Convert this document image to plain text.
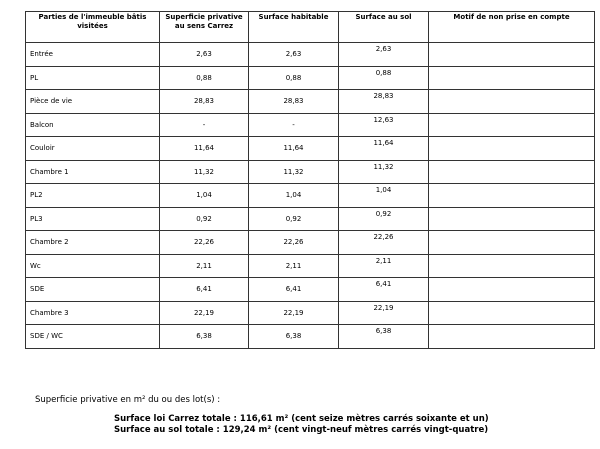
Parties de l'immeuble bâtis visitées	Superficie privative au sens Carrez	Surface habitable	Surface au sol	Motif de non prise en compte
Entrée	2,63	2,63	2,63	
PL	0,88	0,88	0,88	
Pièce de vie	28,83	28,83	28,83	
Balcon	-	-	12,63	
Couloir	11,64	11,64	11,64	
Chambre 1	11,32	11,32	11,32	
PL2	1,04	1,04	1,04	
PL3	0,92	0,92	0,92	
Chambre 2	22,26	22,26	22,26	
Wc	2,11	2,11	2,11	
SDE	6,41	6,41	6,41	
Chambre 3	22,19	22,19	22,19	
SDE / WC	6,38	6,38	6,38	
Superficie privative en m² du ou des lot(s) :
Surface loi Carrez totale : 116,61 m² (cent seize mètres carrés soixante et un)
Surface au sol totale : 129,24 m² (cent vingt-neuf mètres carrés vingt-quatre)
